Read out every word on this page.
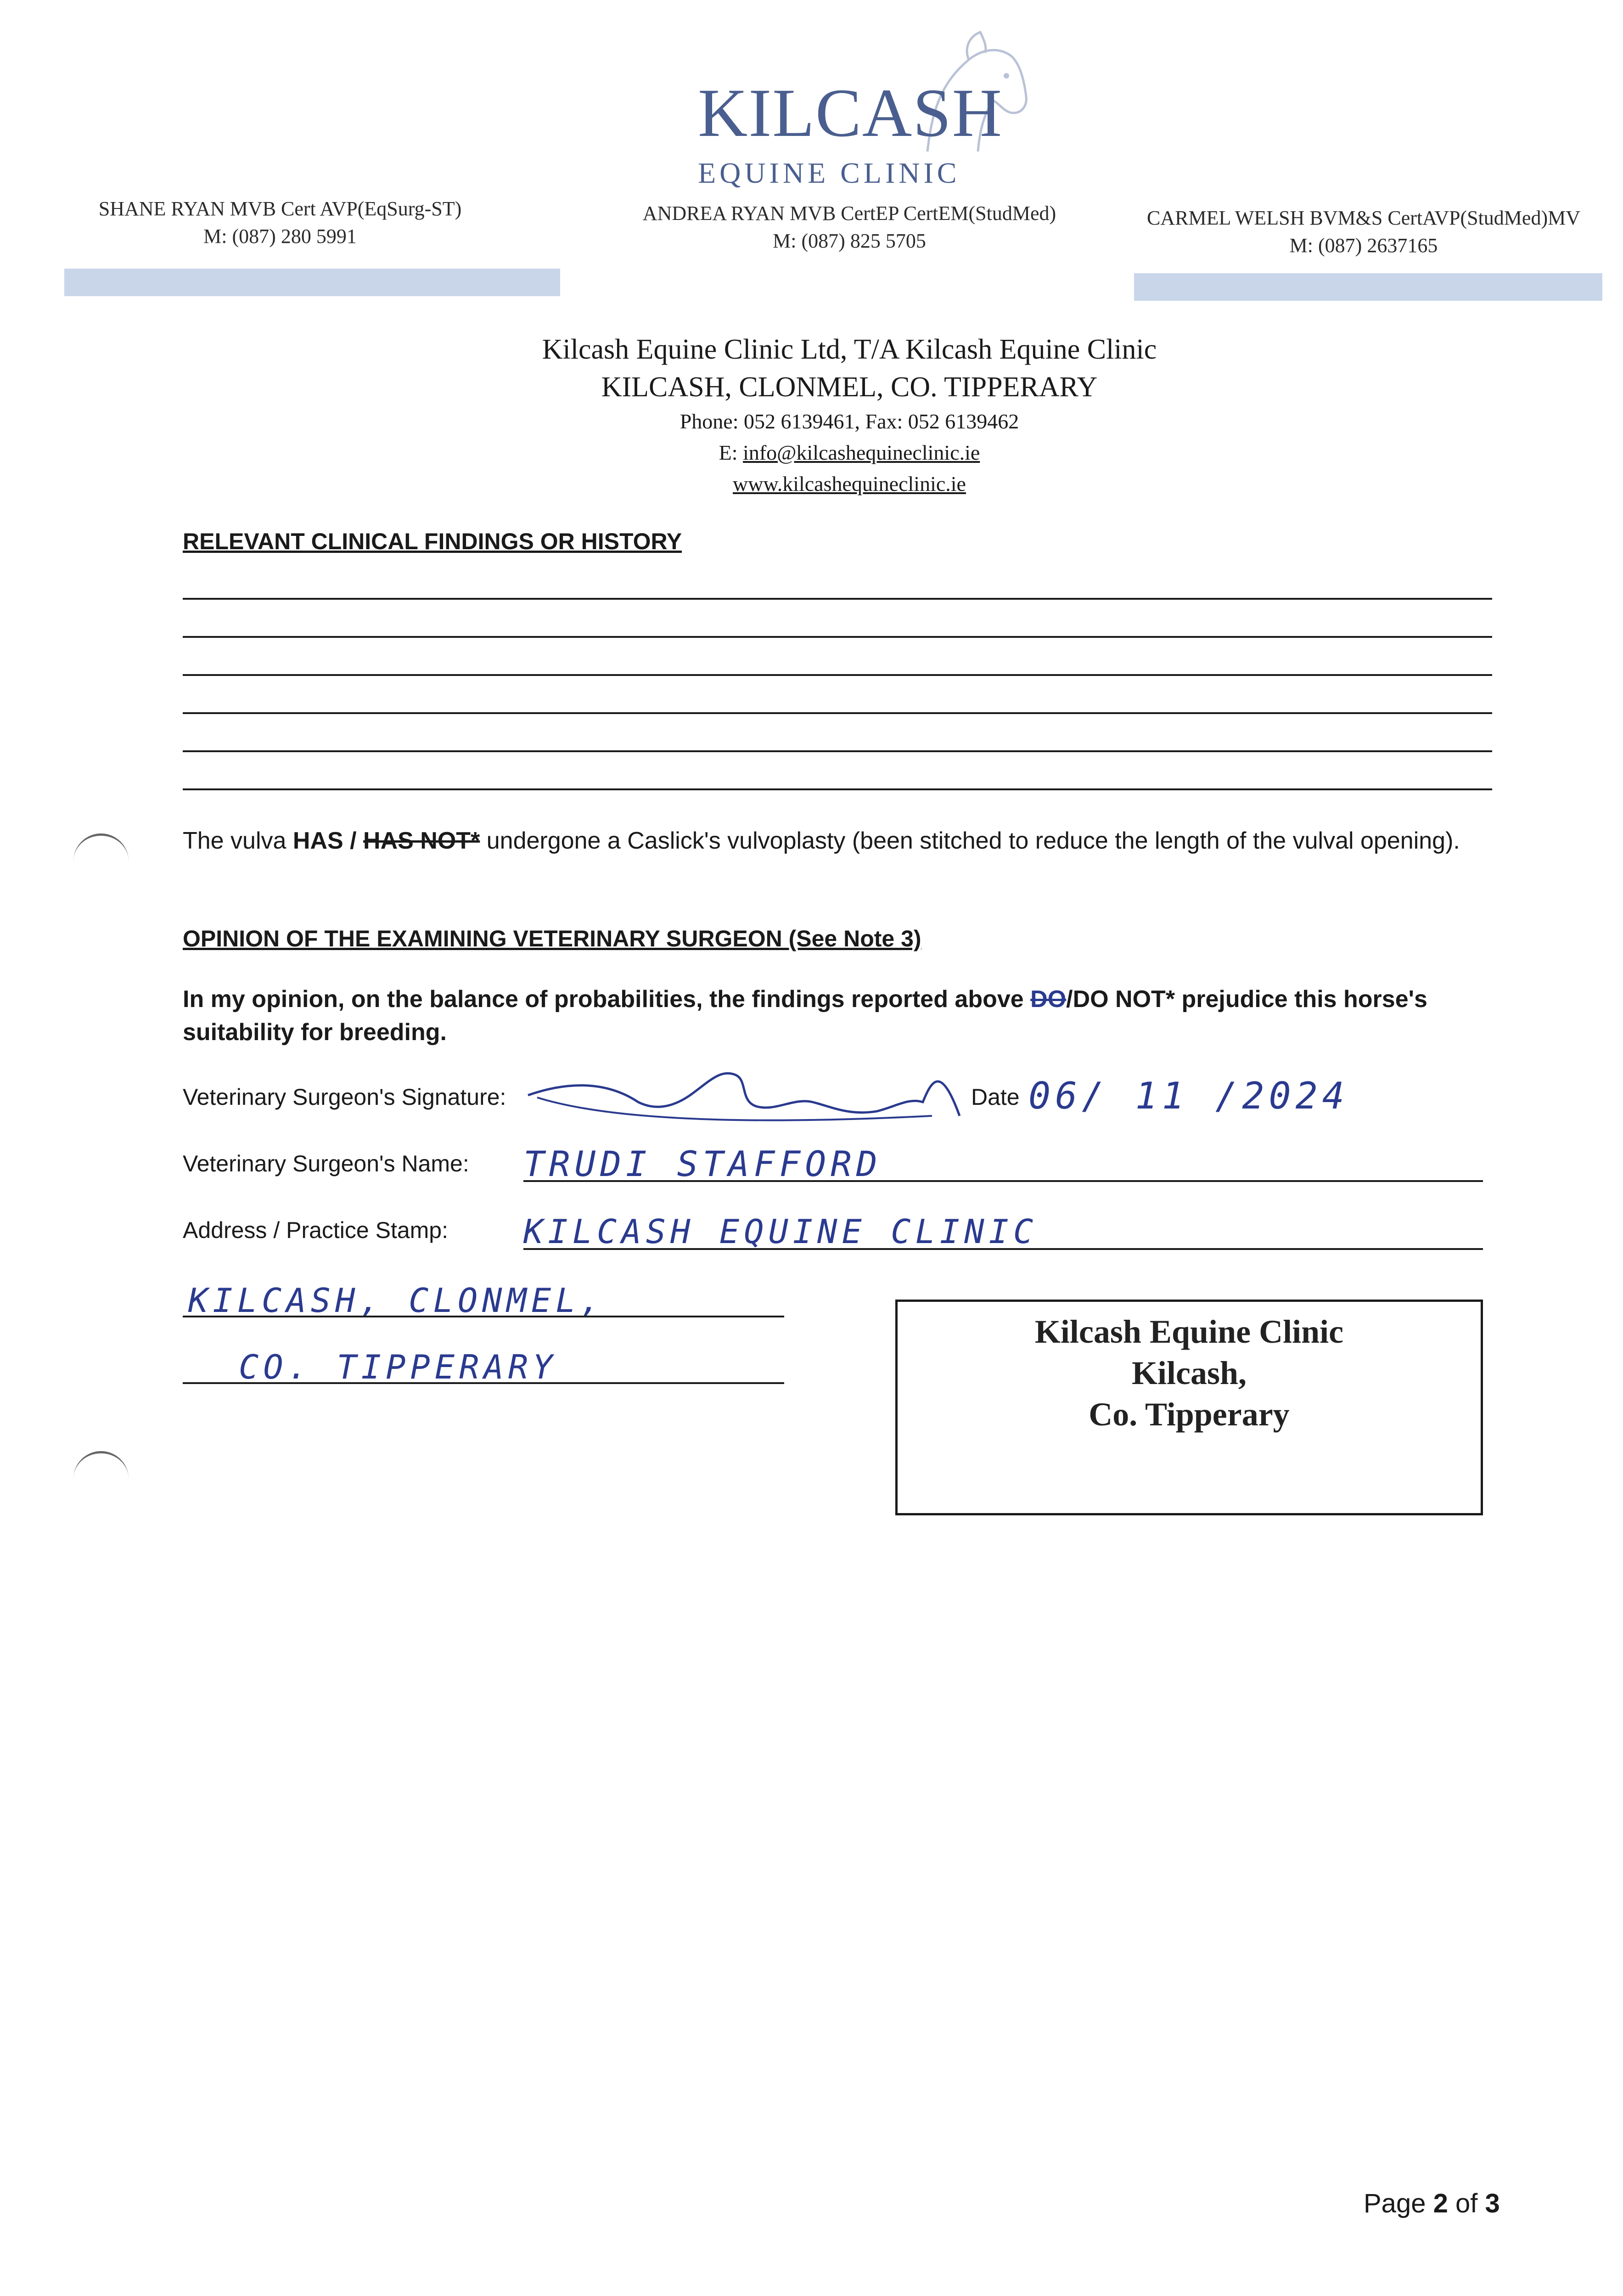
KILCASH
EQUINE CLINIC
SHANE RYAN MVB Cert AVP(EqSurg-ST)
M: (087) 280 5991
ANDREA RYAN MVB CertEP CertEM(StudMed)
M: (087) 825 5705
CARMEL WELSH BVM&S CertAVP(StudMed)MV
M: (087) 2637165
Kilcash Equine Clinic Ltd, T/A Kilcash Equine Clinic
KILCASH, CLONMEL, CO. TIPPERARY
Phone: 052 6139461, Fax: 052 6139462
E: info@kilcashequineclinic.ie
www.kilcashequineclinic.ie
RELEVANT CLINICAL FINDINGS OR HISTORY
The vulva HAS / HAS NOT* undergone a Caslick's vulvoplasty (been stitched to reduce the length of the vulval opening).
OPINION OF THE EXAMINING VETERINARY SURGEON (See Note 3)
In my opinion, on the balance of probabilities, the findings reported above DO/DO NOT* prejudice this horse's suitability for breeding.
Veterinary Surgeon's Signature:	Date 06/ 11 /2024
Veterinary Surgeon's Name: TRUDI STAFFORD
Address / Practice Stamp: KILCASH EQUINE CLINIC
KILCASH, CLONMEL,
CO. TIPPERARY
Kilcash Equine Clinic
Kilcash,
Co. Tipperary
Page 2 of 3
